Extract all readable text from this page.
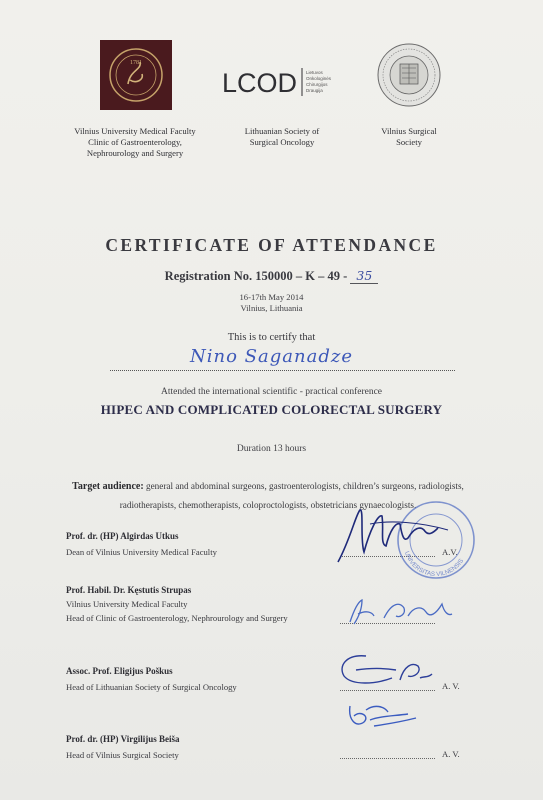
1781
LCOD Lietuvos
Onkologinės
Chirurgijos
Draugija
Vilnius University Medical Faculty
Clinic of Gastroenterology,
Nephrourology and Surgery
Lithuanian Society of
Surgical Oncology
Vilnius Surgical
Society
CERTIFICATE OF ATTENDANCE
Registration No. 150000 – K – 49 - 35
16-17th May 2014
Vilnius, Lithuania
This is to certify that
Nino Saganadze
Attended the international scientific - practical conference
HIPEC AND COMPLICATED COLORECTAL SURGERY
Duration 13 hours
Target audience: general and abdominal surgeons, gastroenterologists, children’s surgeons, radiologists, radiotherapists, chemotherapists, coloproctologists, obstetricians gynaecologists.
Prof. dr. (HP) Algirdas Utkus
Dean of Vilnius University Medical Faculty	A.V.
Prof. Habil. Dr. Kęstutis Strupas
Vilnius University Medical Faculty
Head of Clinic of Gastroenterology, Nephrourology and Surgery
Assoc. Prof. Eligijus Poškus
Head of Lithuanian Society of Surgical Oncology	A. V.
Prof. dr. (HP) Virgilijus Beiša
Head of Vilnius Surgical Society	A. V.
UNIVERSITAS VILNENSIS
